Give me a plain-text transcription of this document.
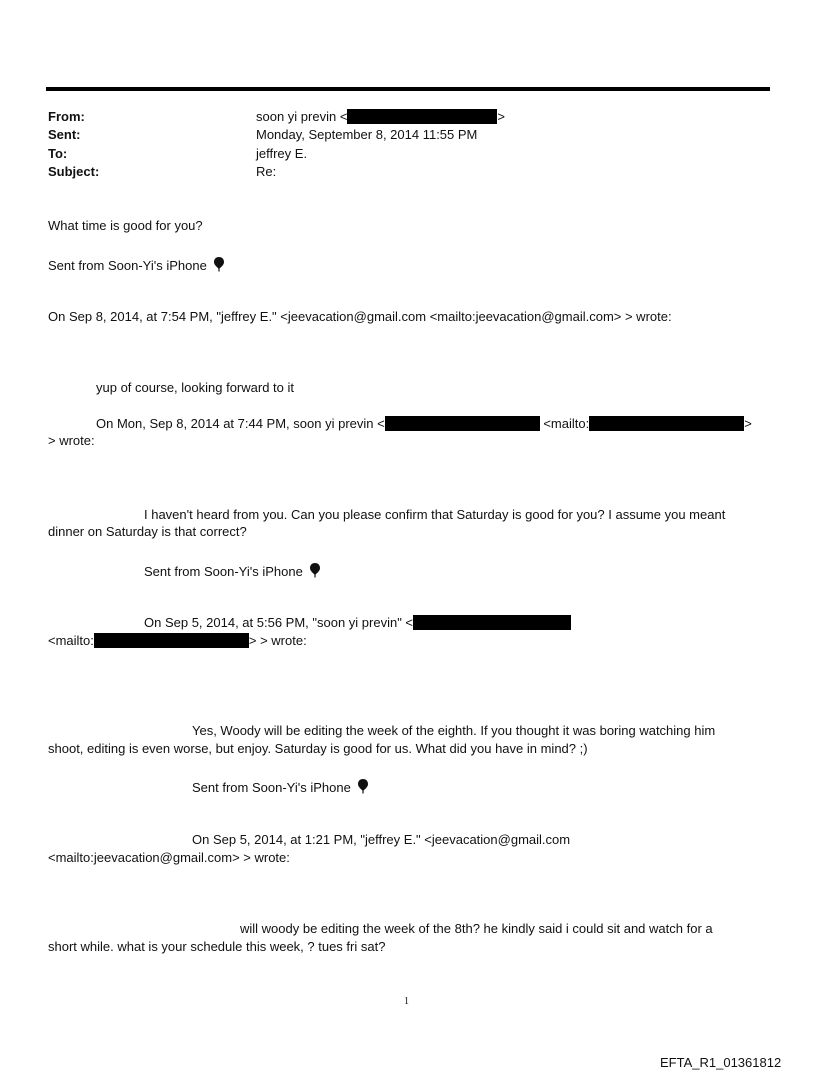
From:	soon yi previn <	>
Sent:	Monday, September 8, 2014 11:55 PM
To:	jeffrey E.
Subject:	Re:
What time is good for you?
Sent from Soon-Yi's iPhone
On Sep 8, 2014, at 7:54 PM, "jeffrey E." <jeevacation@gmail.com <mailto:jeevacation@gmail.com> > wrote:
yup of course, looking forward to it
On Mon, Sep 8, 2014 at 7:44 PM, soon yi previn <	<mailto:	>
> wrote:
I haven't heard from you. Can you please confirm that Saturday is good for you? I assume you meant
dinner on Saturday is that correct?
Sent from Soon-Yi's iPhone
On Sep 5, 2014, at 5:56 PM, "soon yi previn" <
<mailto:	> > wrote:
Yes, Woody will be editing the week of the eighth. If you thought it was boring watching him
shoot, editing is even worse, but enjoy. Saturday is good for us. What did you have in mind? ;)
Sent from Soon-Yi's iPhone
On Sep 5, 2014, at 1:21 PM, "jeffrey E." <jeevacation@gmail.com
<mailto:jeevacation@gmail.com> > wrote:
will woody be editing the week of the 8th? he kindly said i could sit and watch for a
short while. what is your schedule this week, ? tues fri sat?
1
EFTA_R1_01361812
